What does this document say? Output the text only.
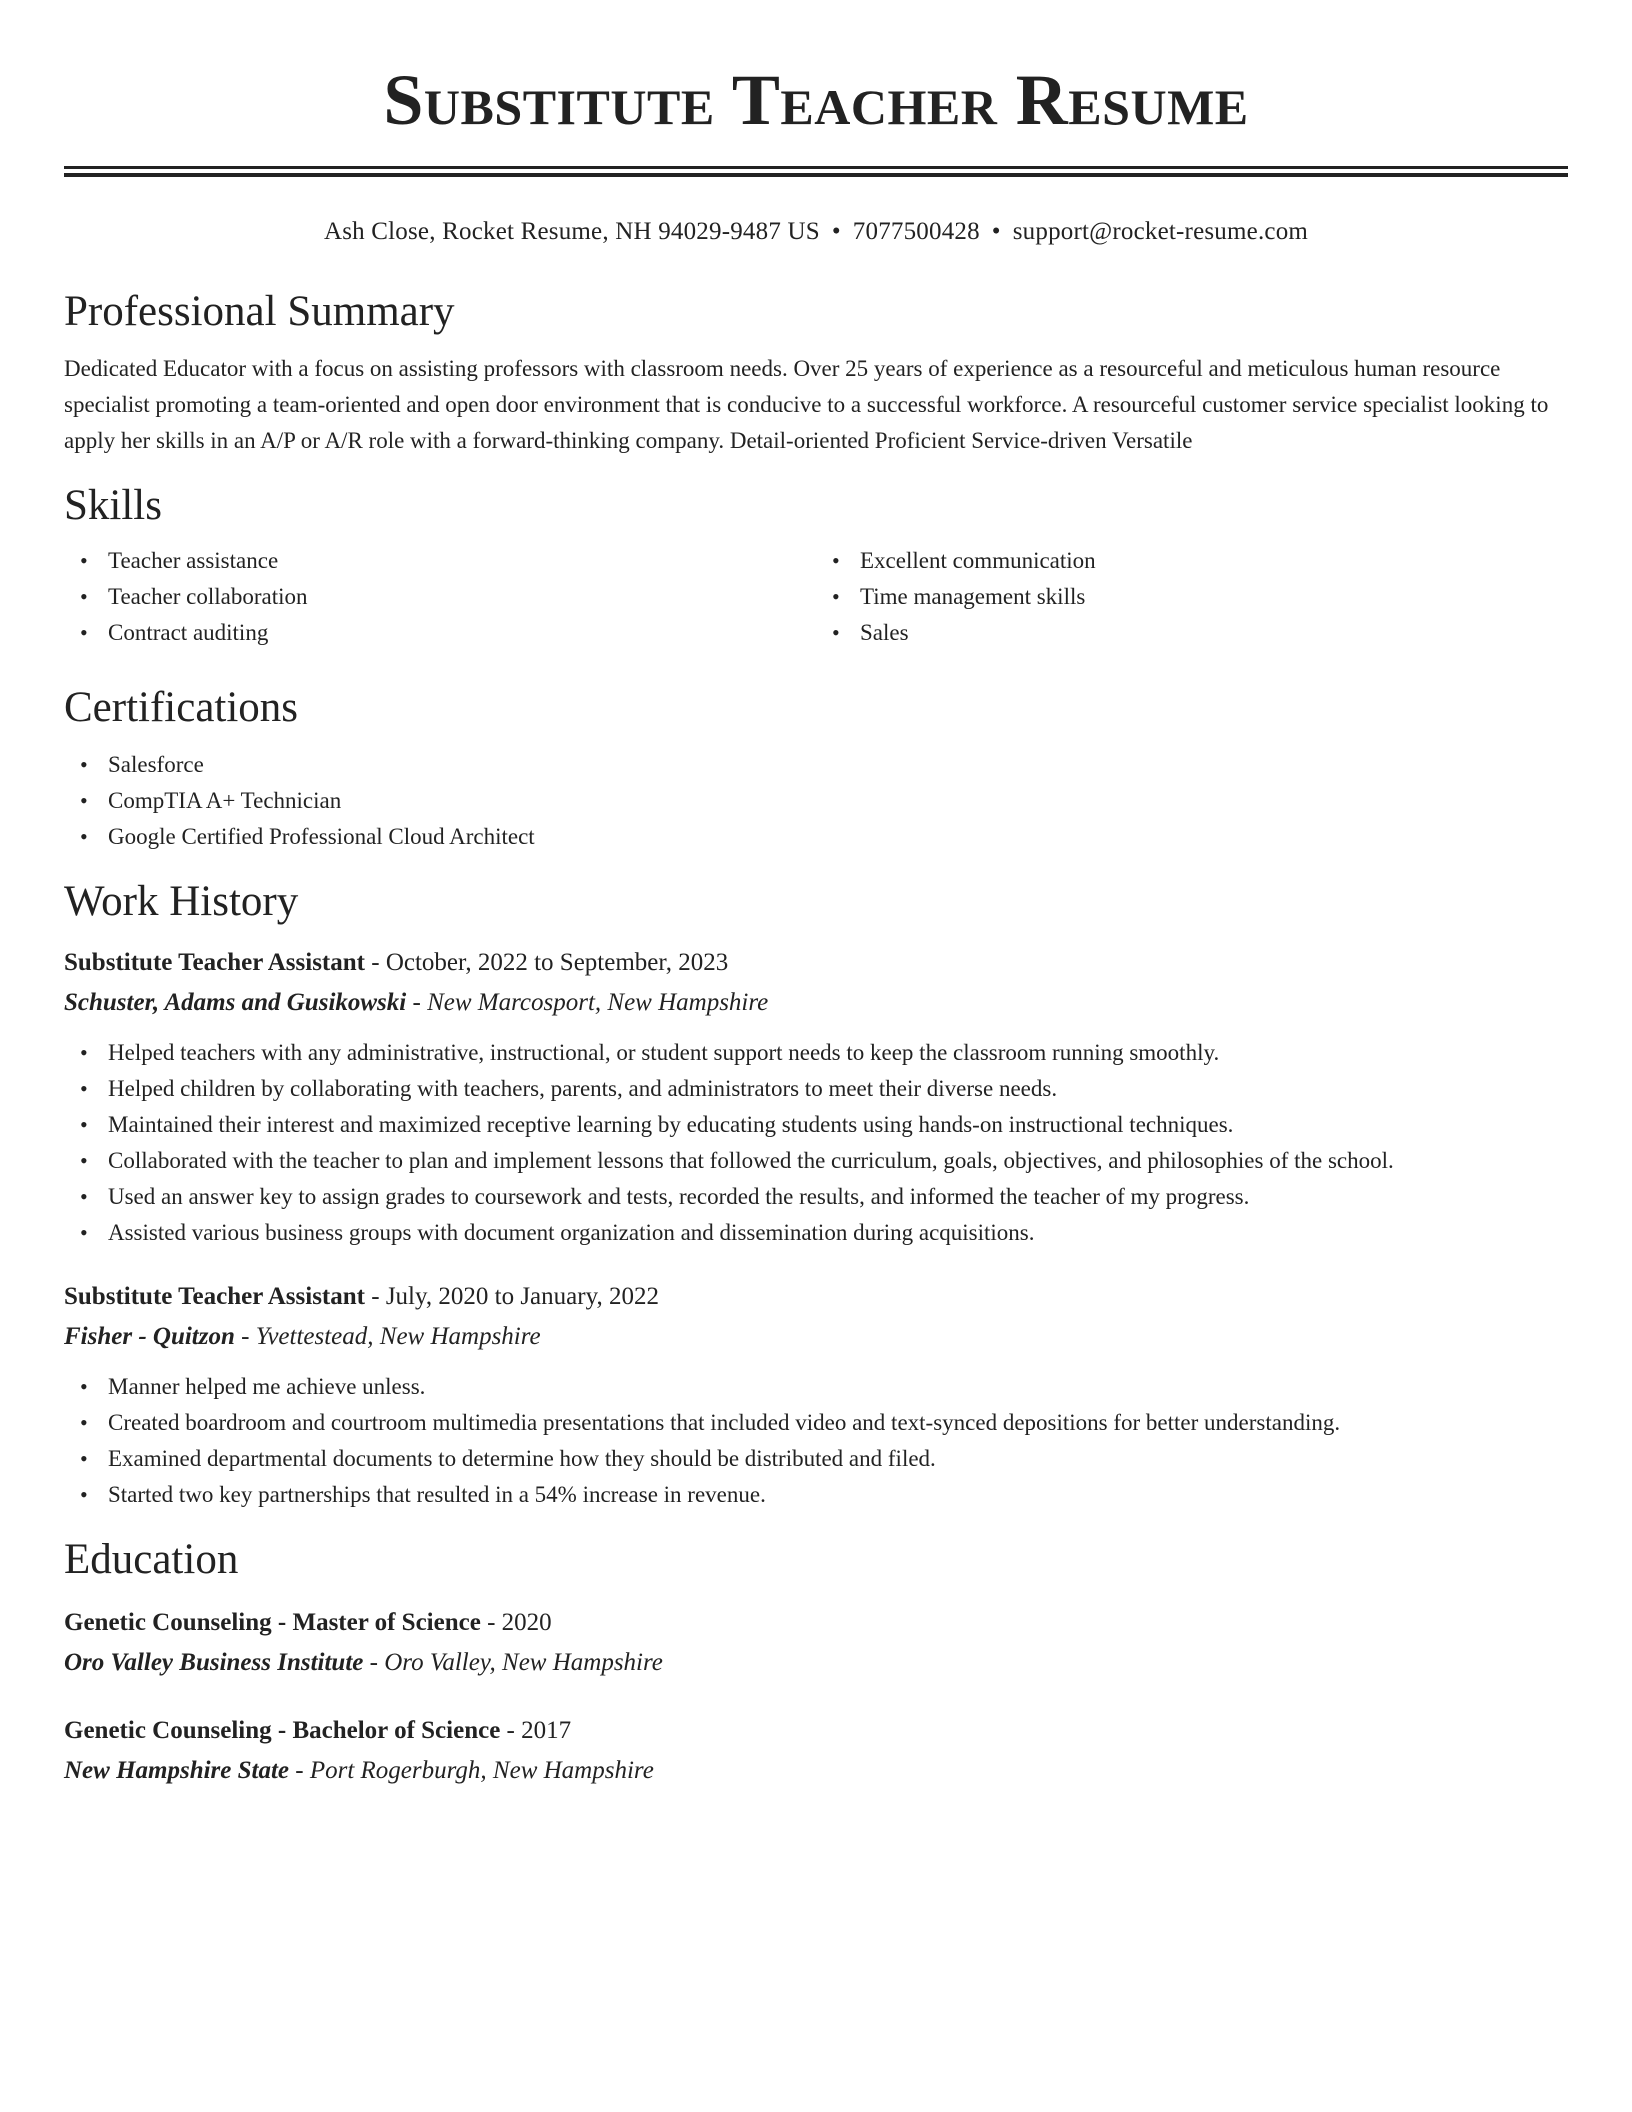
Substitute Teacher Resume
Ash Close, Rocket Resume, NH 94029-9487 US • 7077500428 • support@rocket-resume.com
Professional Summary

Dedicated Educator with a focus on assisting professors with classroom needs. Over 25 years of experience as a resourceful and meticulous human resource specialist promoting a team-oriented and open door environment that is conducive to a successful workforce. A resourceful customer service specialist looking to apply her skills in an A/P or A/R role with a forward-thinking company. Detail-oriented Proficient Service-driven Versatile

Skills
• Teacher assistance
• Teacher collaboration
• Contract auditing
• Excellent communication
• Time management skills
• Sales
Certifications
• Salesforce
• CompTIA A+ Technician
• Google Certified Professional Cloud Architect
Work History
Substitute Teacher Assistant - October, 2022 to September, 2023
Schuster, Adams and Gusikowski - New Marcosport, New Hampshire
• Helped teachers with any administrative, instructional, or student support needs to keep the classroom running smoothly.
• Helped children by collaborating with teachers, parents, and administrators to meet their diverse needs.
• Maintained their interest and maximized receptive learning by educating students using hands-on instructional techniques.
• Collaborated with the teacher to plan and implement lessons that followed the curriculum, goals, objectives, and philosophies of the school.
• Used an answer key to assign grades to coursework and tests, recorded the results, and informed the teacher of my progress.
• Assisted various business groups with document organization and dissemination during acquisitions.
Substitute Teacher Assistant - July, 2020 to January, 2022
Fisher - Quitzon - Yvettestead, New Hampshire
• Manner helped me achieve unless.
• Created boardroom and courtroom multimedia presentations that included video and text-synced depositions for better understanding.
• Examined departmental documents to determine how they should be distributed and filed.
• Started two key partnerships that resulted in a 54% increase in revenue.
Education
Genetic Counseling - Master of Science - 2020
Oro Valley Business Institute - Oro Valley, New Hampshire
Genetic Counseling - Bachelor of Science - 2017
New Hampshire State - Port Rogerburgh, New Hampshire
